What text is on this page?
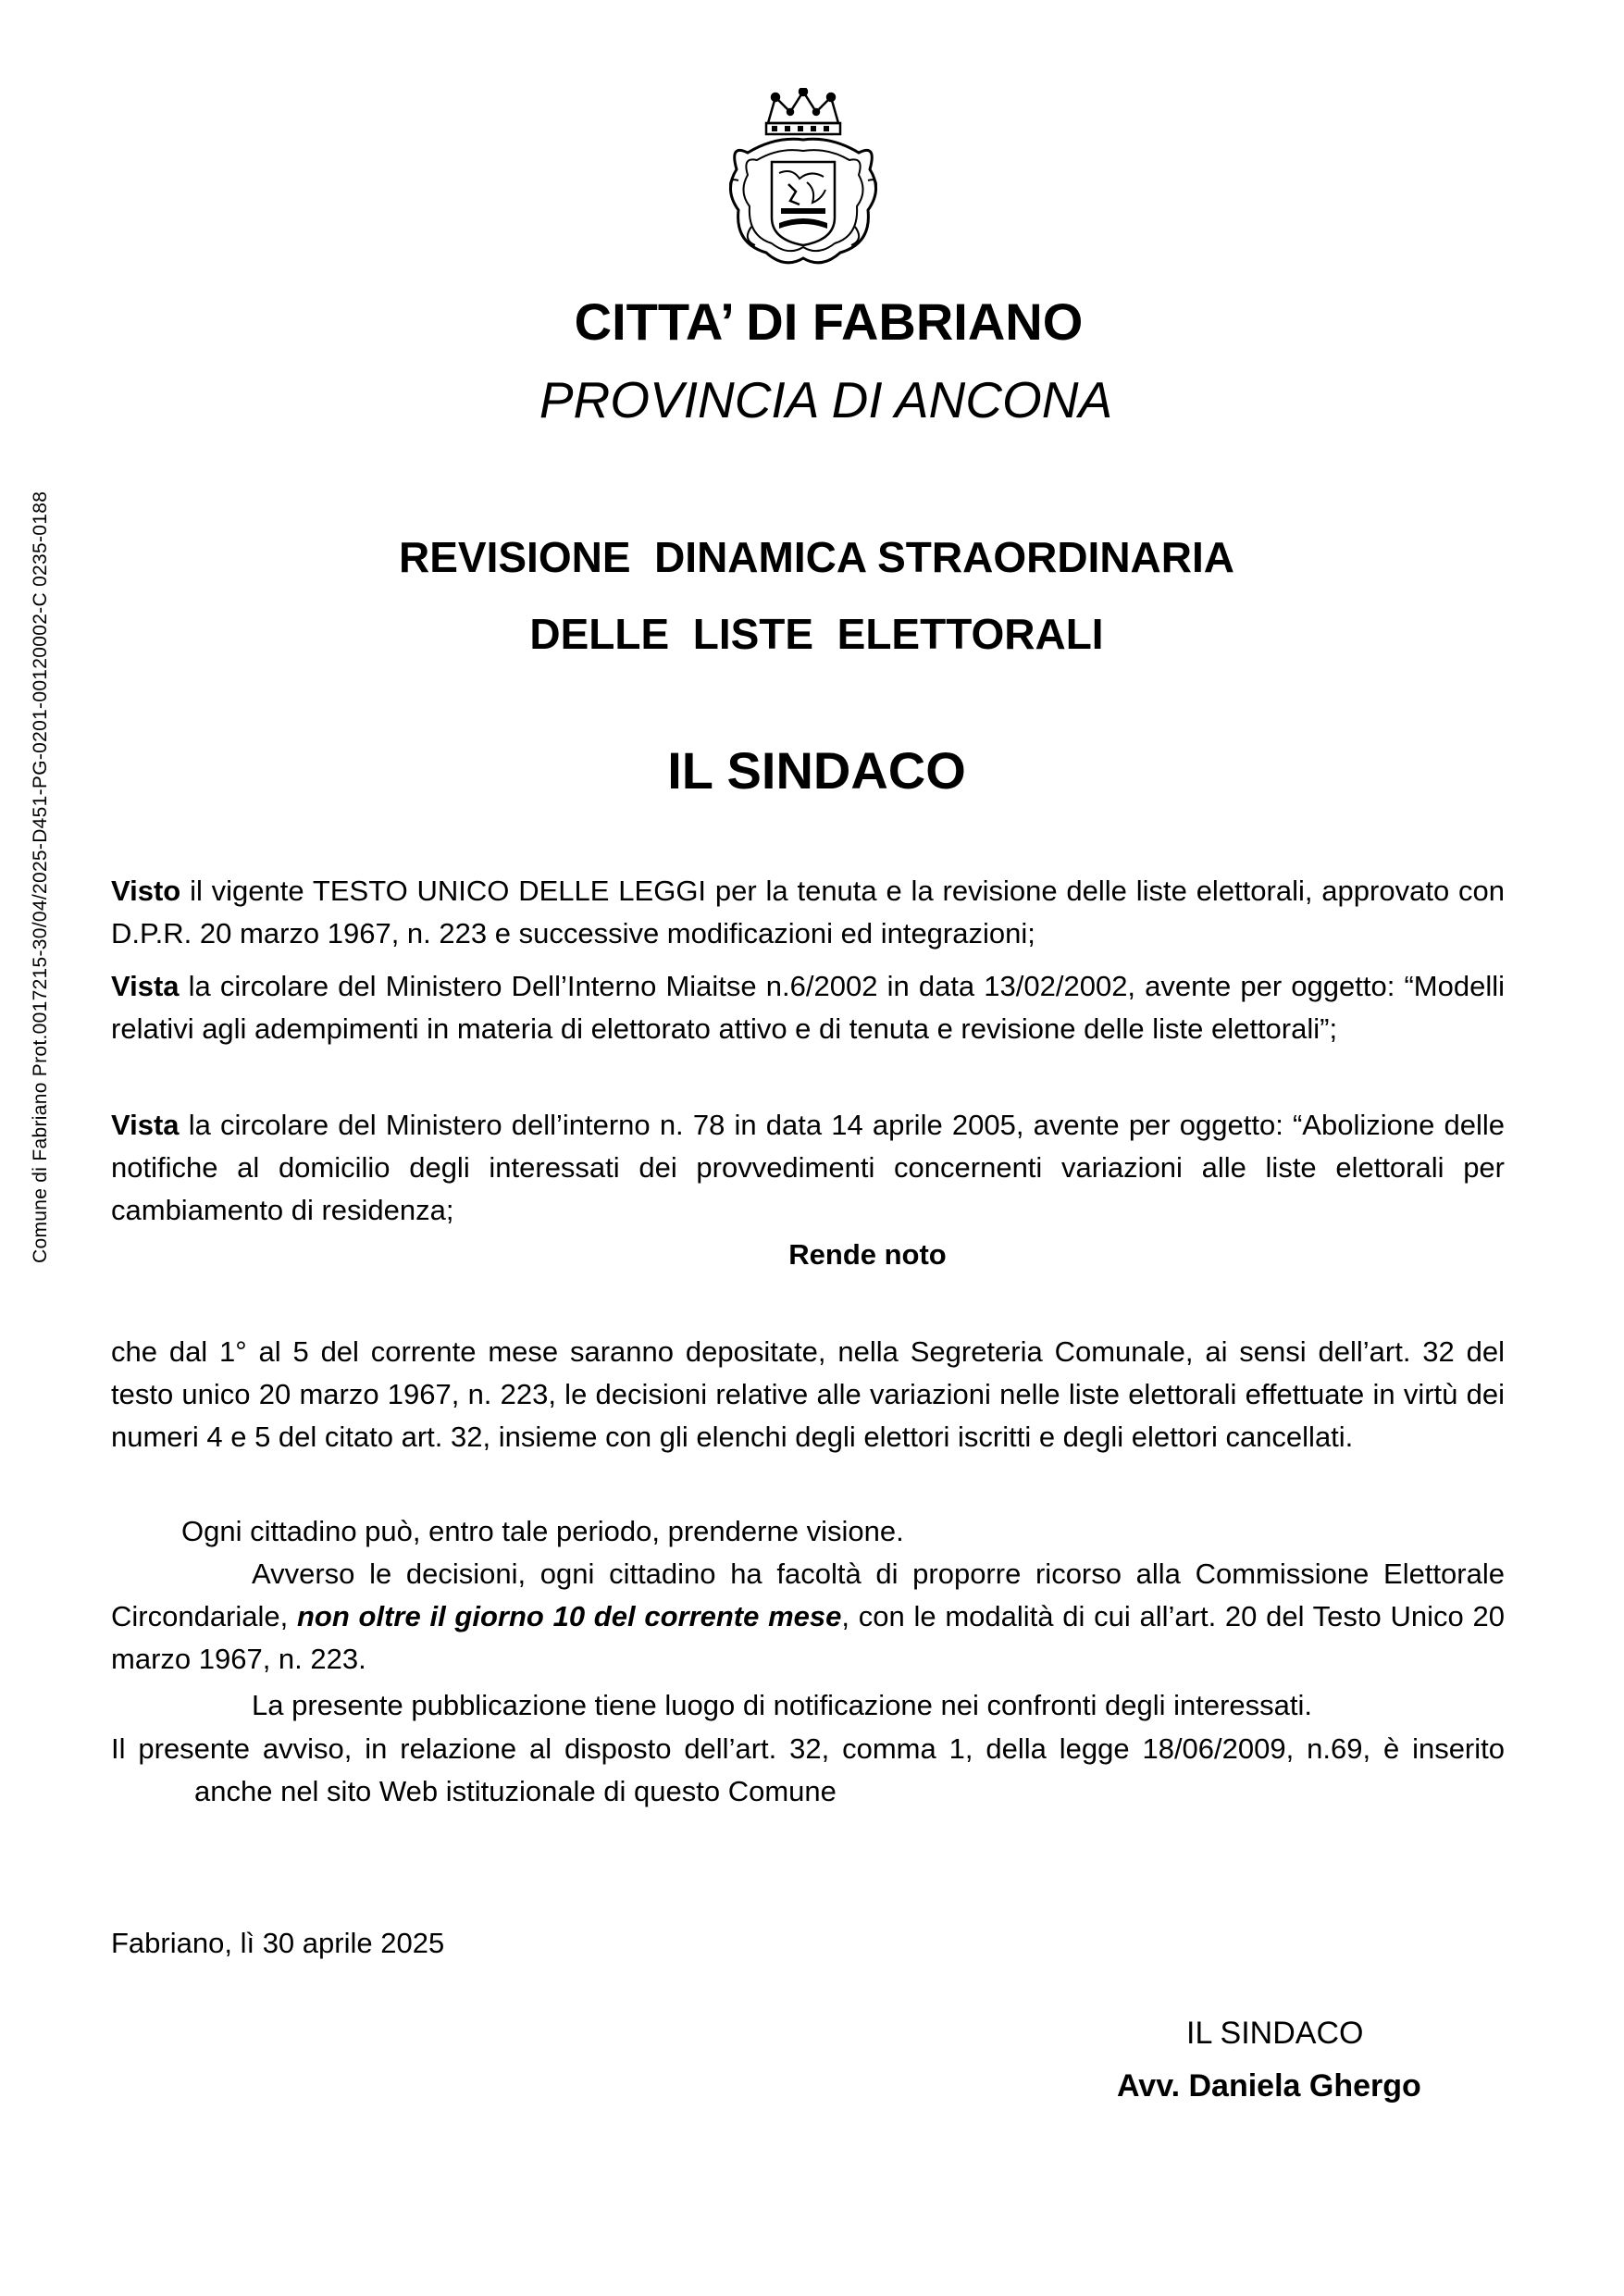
Comune di Fabriano Prot.0017215-30/04/2025-D451-PG-0201-00120002-C 0235-0188
CITTA’ DI FABRIANO
PROVINCIA DI ANCONA
REVISIONE  DINAMICA STRAORDINARIA
DELLE  LISTE  ELETTORALI
IL SINDACO

Visto il vigente TESTO UNICO DELLE LEGGI per la tenuta e la revisione delle liste elettorali, approvato con D.P.R. 20 marzo 1967, n. 223 e successive modificazioni ed integrazioni;

Vista la circolare del Ministero Dell’Interno Miaitse n.6/2002 in data 13/02/2002, avente per oggetto: “Modelli relativi agli adempimenti in materia di elettorato attivo e di tenuta e revisione delle liste elettorali”;

Vista la circolare del Ministero dell’interno n. 78 in data 14 aprile 2005, avente per oggetto: “Abolizione delle notifiche al domicilio degli interessati dei provvedimenti concernenti variazioni alle liste elettorali per cambiamento di residenza;

Rende noto

che dal 1° al 5 del corrente mese saranno depositate, nella Segreteria Comunale, ai sensi dell’art. 32 del testo unico 20 marzo 1967, n. 223, le decisioni relative alle variazioni nelle liste elettorali effettuate in virtù dei numeri 4 e 5 del citato art. 32, insieme con gli elenchi degli elettori iscritti e degli elettori cancellati.

Ogni cittadino può, entro tale periodo, prenderne visione.

Avverso le decisioni, ogni cittadino ha facoltà di proporre ricorso alla Commissione Elettorale Circondariale, non oltre il giorno 10 del corrente mese, con le modalità di cui all’art. 20 del Testo Unico 20 marzo 1967, n. 223.

La presente pubblicazione tiene luogo di notificazione nei confronti degli interessati.

Il presente avviso, in relazione al disposto dell’art. 32, comma 1, della legge 18/06/2009, n.69, è inserito anche nel sito Web istituzionale di questo Comune

Fabriano, lì 30 aprile 2025
IL SINDACO
Avv. Daniela Ghergo
